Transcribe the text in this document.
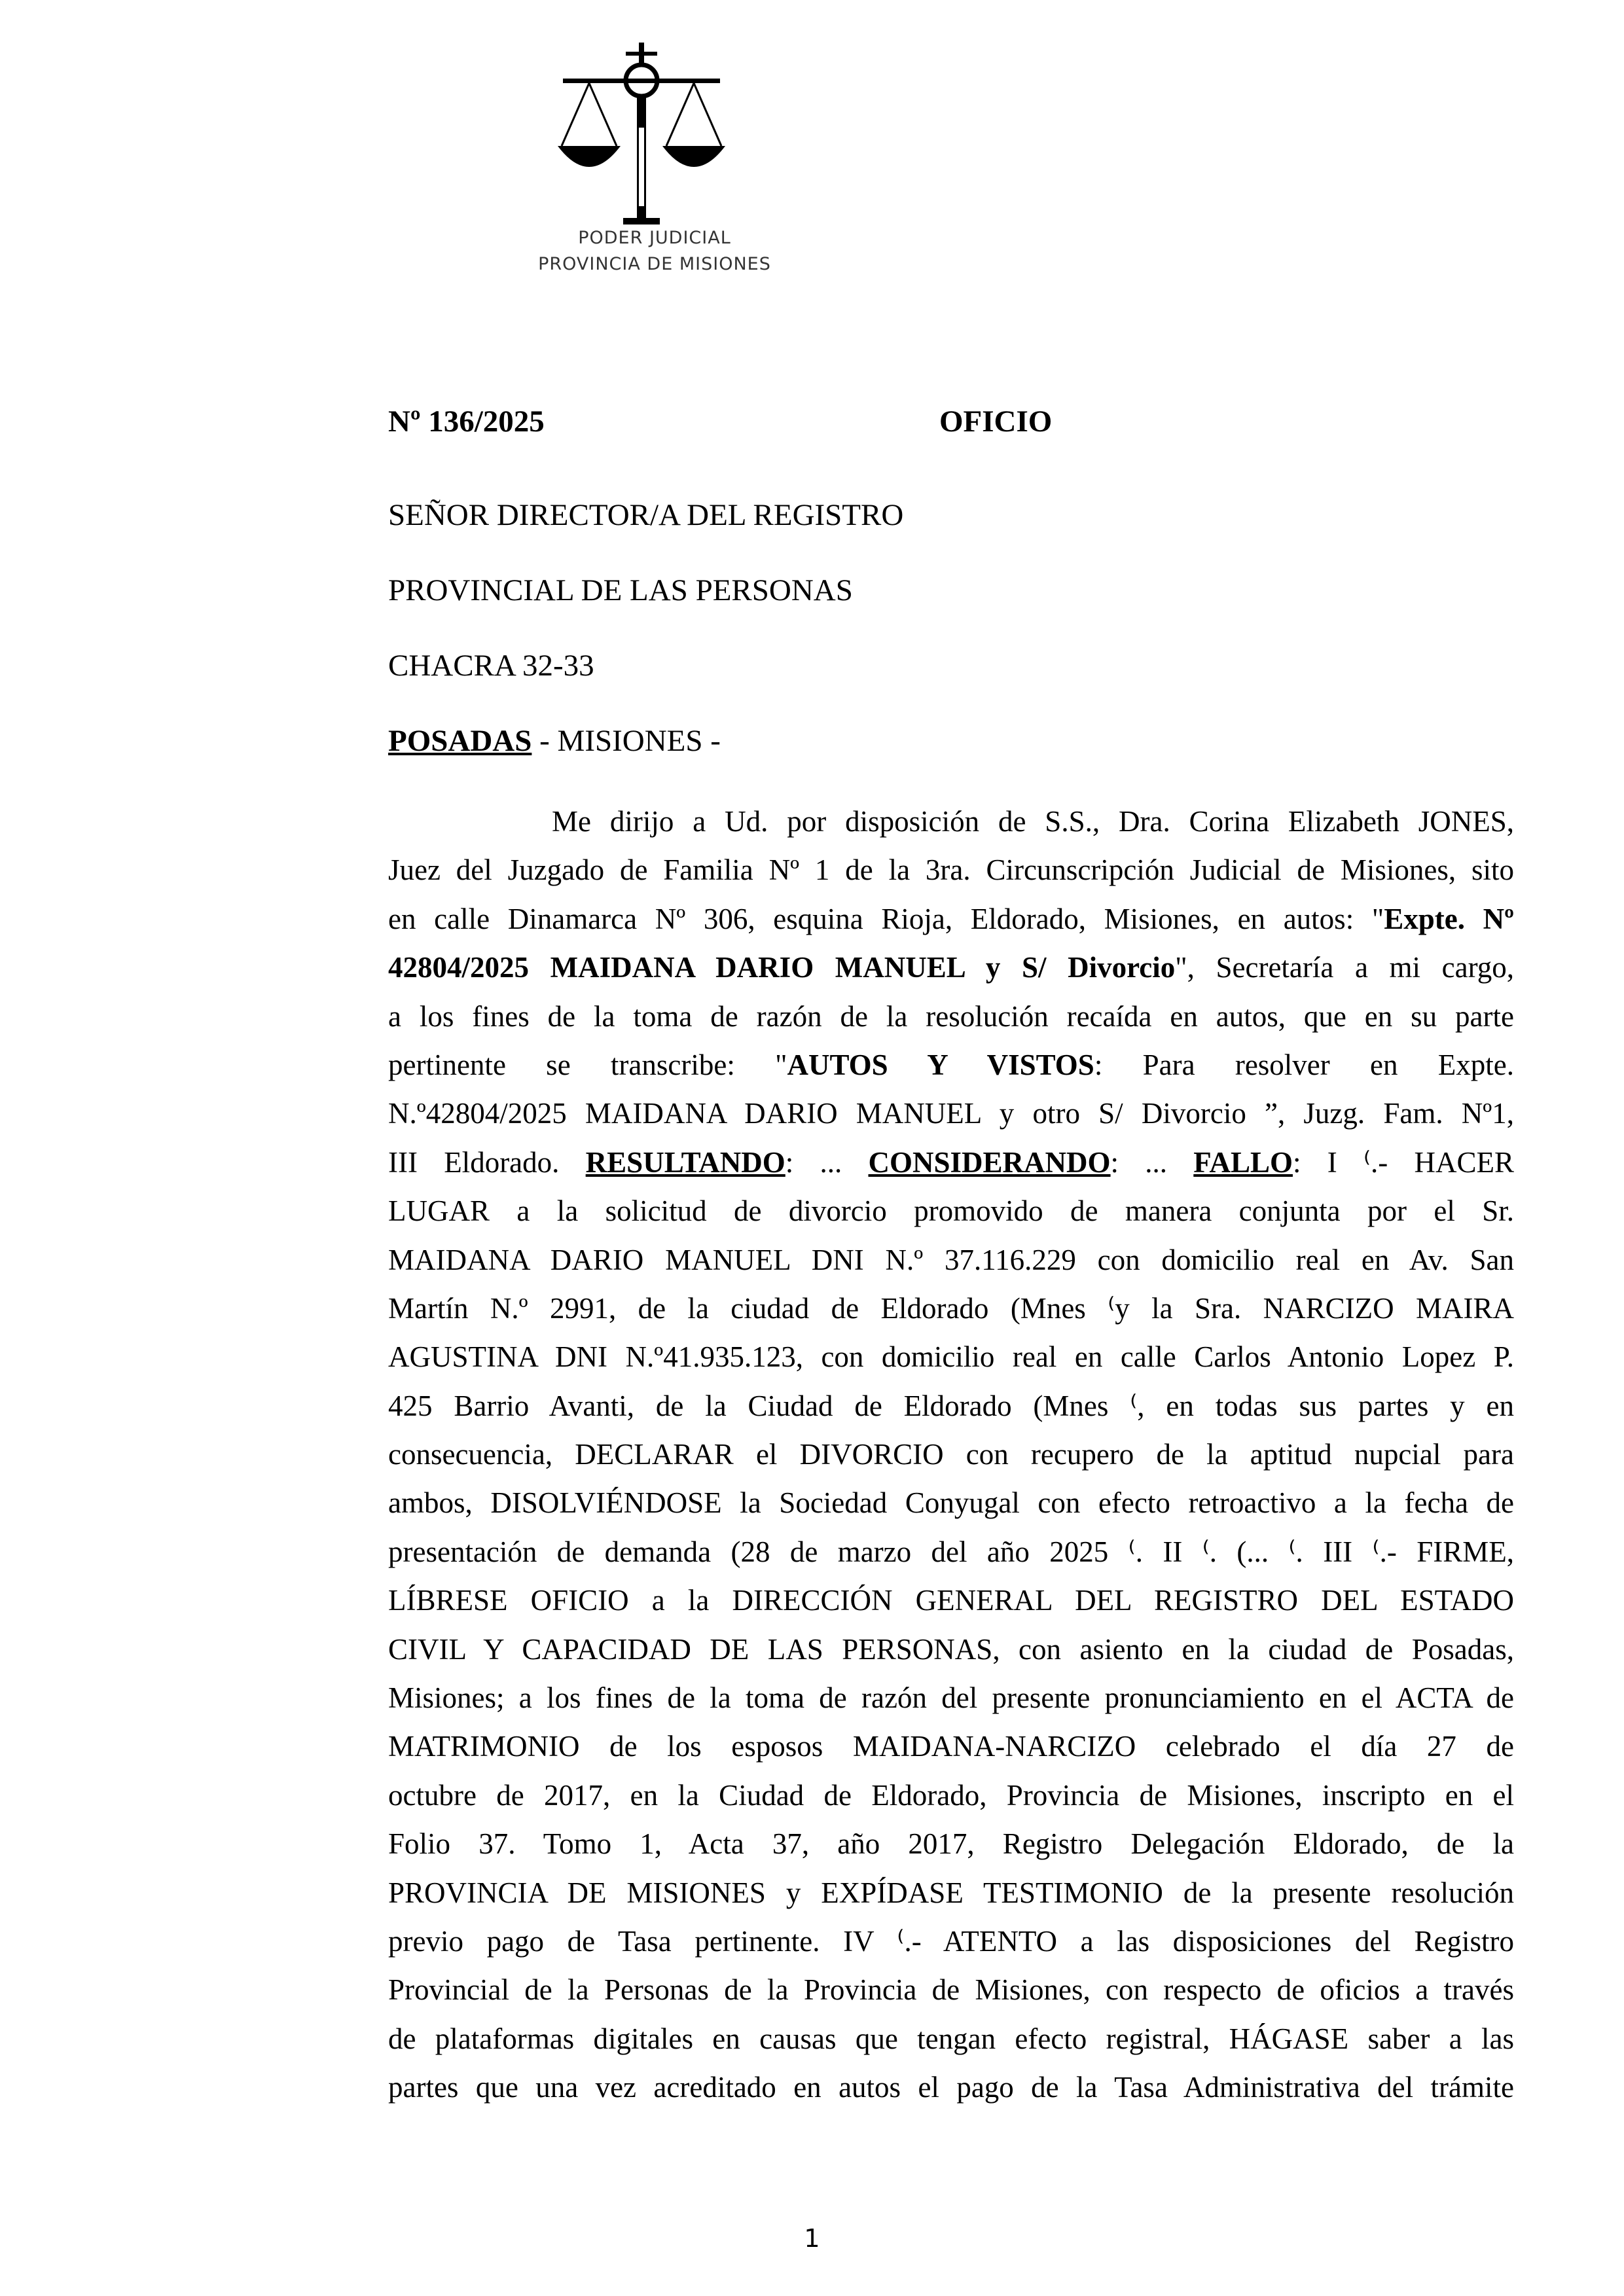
PODER JUDICIAL
PROVINCIA DE MISIONES
Nº 136/2025	OFICIO
SEÑOR DIRECTOR/A DEL REGISTRO
PROVINCIAL DE LAS PERSONAS
CHACRA 32-33
POSADAS - MISIONES -
Me dirijo a Ud. por disposición de S.S., Dra. Corina Elizabeth JONES,
Juez del Juzgado de Familia Nº 1 de la 3ra. Circunscripción Judicial de Misiones, sito
en calle Dinamarca Nº 306, esquina Rioja, Eldorado, Misiones, en autos: "Expte. Nº
42804/2025 MAIDANA DARIO MANUEL y S/ Divorcio", Secretaría a mi cargo,
a los fines de la toma de razón de la resolución recaída en autos, que en su parte
pertinente se transcribe: "AUTOS Y VISTOS: Para resolver en Expte.
N.º42804/2025 MAIDANA DARIO MANUEL y otro S/ Divorcio ”, Juzg. Fam. Nº1,
III Eldorado. RESULTANDO: ... CONSIDERANDO: ... FALLO: I ⁽.- HACER
LUGAR a la solicitud de divorcio promovido de manera conjunta por el Sr.
MAIDANA DARIO MANUEL DNI N.º 37.116.229 con domicilio real en Av. San
Martín N.º 2991, de la ciudad de Eldorado (Mnes ⁽y la Sra. NARCIZO MAIRA
AGUSTINA DNI N.º41.935.123, con domicilio real en calle Carlos Antonio Lopez P.
425 Barrio Avanti, de la Ciudad de Eldorado (Mnes ⁽, en todas sus partes y en
consecuencia, DECLARAR el DIVORCIO con recupero de la aptitud nupcial para
ambos, DISOLVIÉNDOSE la Sociedad Conyugal con efecto retroactivo a la fecha de
presentación de demanda (28 de marzo del año 2025 ⁽. II ⁽. (... ⁽. III ⁽.- FIRME,
LÍBRESE OFICIO a la DIRECCIÓN GENERAL DEL REGISTRO DEL ESTADO
CIVIL Y CAPACIDAD DE LAS PERSONAS, con asiento en la ciudad de Posadas,
Misiones; a los fines de la toma de razón del presente pronunciamiento en el ACTA de
MATRIMONIO de los esposos MAIDANA-NARCIZO celebrado el día 27 de
octubre de 2017, en la Ciudad de Eldorado, Provincia de Misiones, inscripto en el
Folio 37. Tomo 1, Acta 37, año 2017, Registro Delegación Eldorado, de la
PROVINCIA DE MISIONES y EXPÍDASE TESTIMONIO de la presente resolución
previo pago de Tasa pertinente. IV ⁽.- ATENTO a las disposiciones del Registro
Provincial de la Personas de la Provincia de Misiones, con respecto de oficios a través
de plataformas digitales en causas que tengan efecto registral, HÁGASE saber a las
partes que una vez acreditado en autos el pago de la Tasa Administrativa del trámite
1
